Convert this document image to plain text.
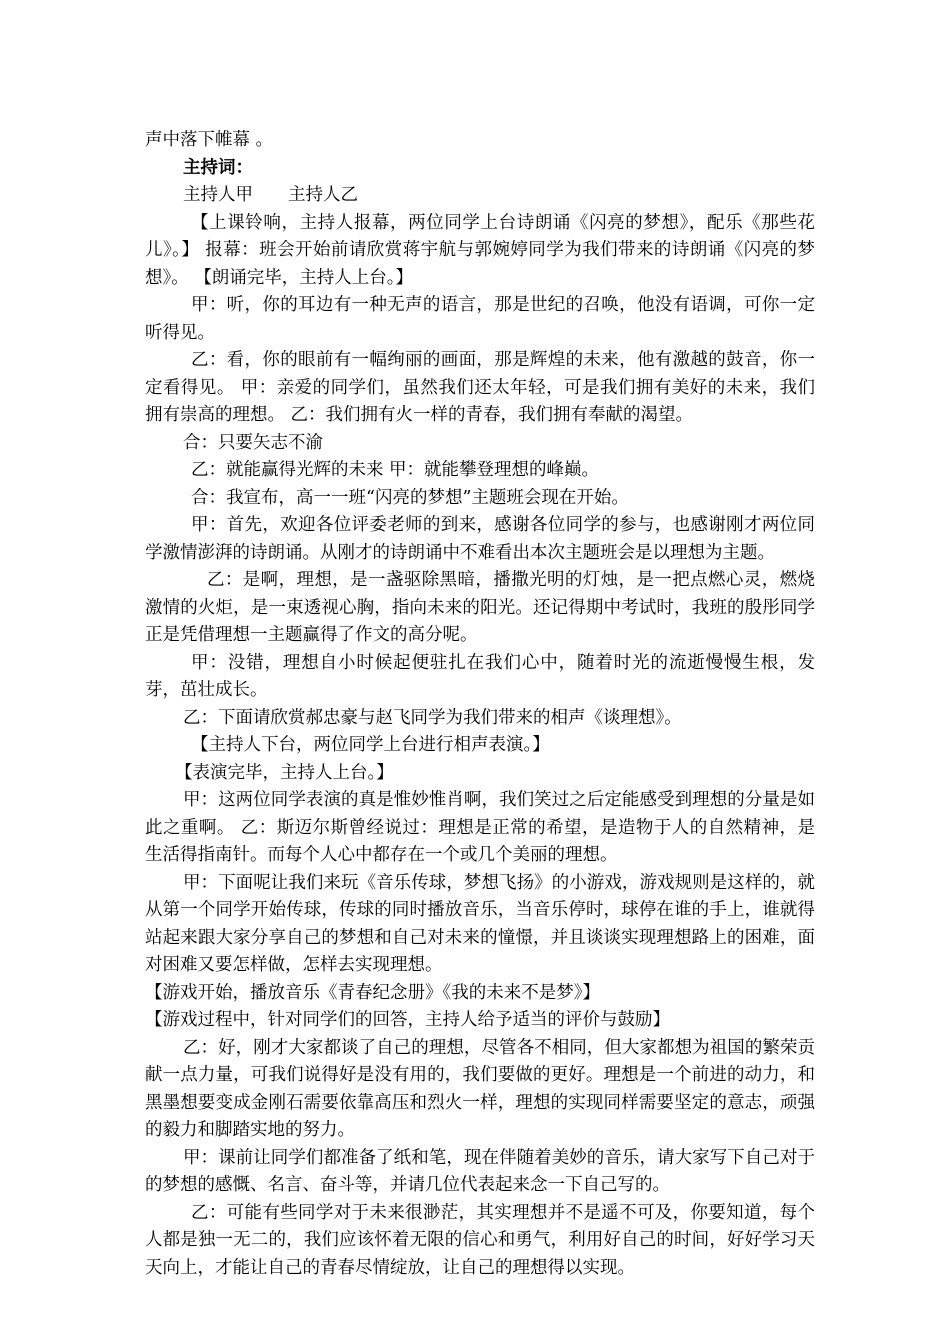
声中落下帷幕 。

主持词：

主持人甲　　主持人乙

【上课铃响，主持人报幕，两位同学上台诗朗诵《闪亮的梦想》，配乐《那些花儿》。】 报幕：班会开始前请欣赏蒋宇航与郭婉婷同学为我们带来的诗朗诵《闪亮的梦想》。 【朗诵完毕，主持人上台。】

甲：听，你的耳边有一种无声的语言，那是世纪的召唤，他没有语调，可你一定听得见。

乙：看，你的眼前有一幅绚丽的画面，那是辉煌的未来，他有激越的鼓音，你一定看得见。 甲：亲爱的同学们，虽然我们还太年轻，可是我们拥有美好的未来，我们拥有崇高的理想。 乙：我们拥有火一样的青春，我们拥有奉献的渴望。

合：只要矢志不渝

乙：就能赢得光辉的未来 甲：就能攀登理想的峰巅。

合：我宣布，高一一班“闪亮的梦想”主题班会现在开始。

甲：首先，欢迎各位评委老师的到来，感谢各位同学的参与，也感谢刚才两位同学激情澎湃的诗朗诵。从刚才的诗朗诵中不难看出本次主题班会是以理想为主题。

乙：是啊，理想，是一盏驱除黑暗，播撒光明的灯烛，是一把点燃心灵，燃烧激情的火炬，是一束透视心胸，指向未来的阳光。还记得期中考试时，我班的殷彤同学正是凭借理想一主题赢得了作文的高分呢。

甲：没错，理想自小时候起便驻扎在我们心中，随着时光的流逝慢慢生根，发芽，茁壮成长。

乙：下面请欣赏郝忠豪与赵飞同学为我们带来的相声《谈理想》。

【主持人下台，两位同学上台进行相声表演。】

【表演完毕，主持人上台。】

甲：这两位同学表演的真是惟妙惟肖啊，我们笑过之后定能感受到理想的分量是如此之重啊。 乙：斯迈尔斯曾经说过：理想是正常的希望，是造物于人的自然精神，是生活得指南针。而每个人心中都存在一个或几个美丽的理想。

甲：下面呢让我们来玩《音乐传球，梦想飞扬》的小游戏，游戏规则是这样的，就从第一个同学开始传球，传球的同时播放音乐，当音乐停时，球停在谁的手上，谁就得站起来跟大家分享自己的梦想和自己对未来的憧憬，并且谈谈实现理想路上的困难，面对困难又要怎样做，怎样去实现理想。

【游戏开始，播放音乐《青春纪念册》《我的未来不是梦》】

【游戏过程中，针对同学们的回答，主持人给予适当的评价与鼓励】

乙：好，刚才大家都谈了自己的理想，尽管各不相同，但大家都想为祖国的繁荣贡献一点力量，可我们说得好是没有用的，我们要做的更好。理想是一个前进的动力，和黑墨想要变成金刚石需要依靠高压和烈火一样，理想的实现同样需要坚定的意志，顽强的毅力和脚踏实地的努力。

甲：课前让同学们都准备了纸和笔，现在伴随着美妙的音乐，请大家写下自己对于的梦想的感慨、名言、奋斗等，并请几位代表起来念一下自己写的。

乙：可能有些同学对于未来很渺茫，其实理想并不是遥不可及，你要知道，每个人都是独一无二的，我们应该怀着无限的信心和勇气，利用好自己的时间，好好学习天天向上，才能让自己的青春尽情绽放，让自己的理想得以实现。
